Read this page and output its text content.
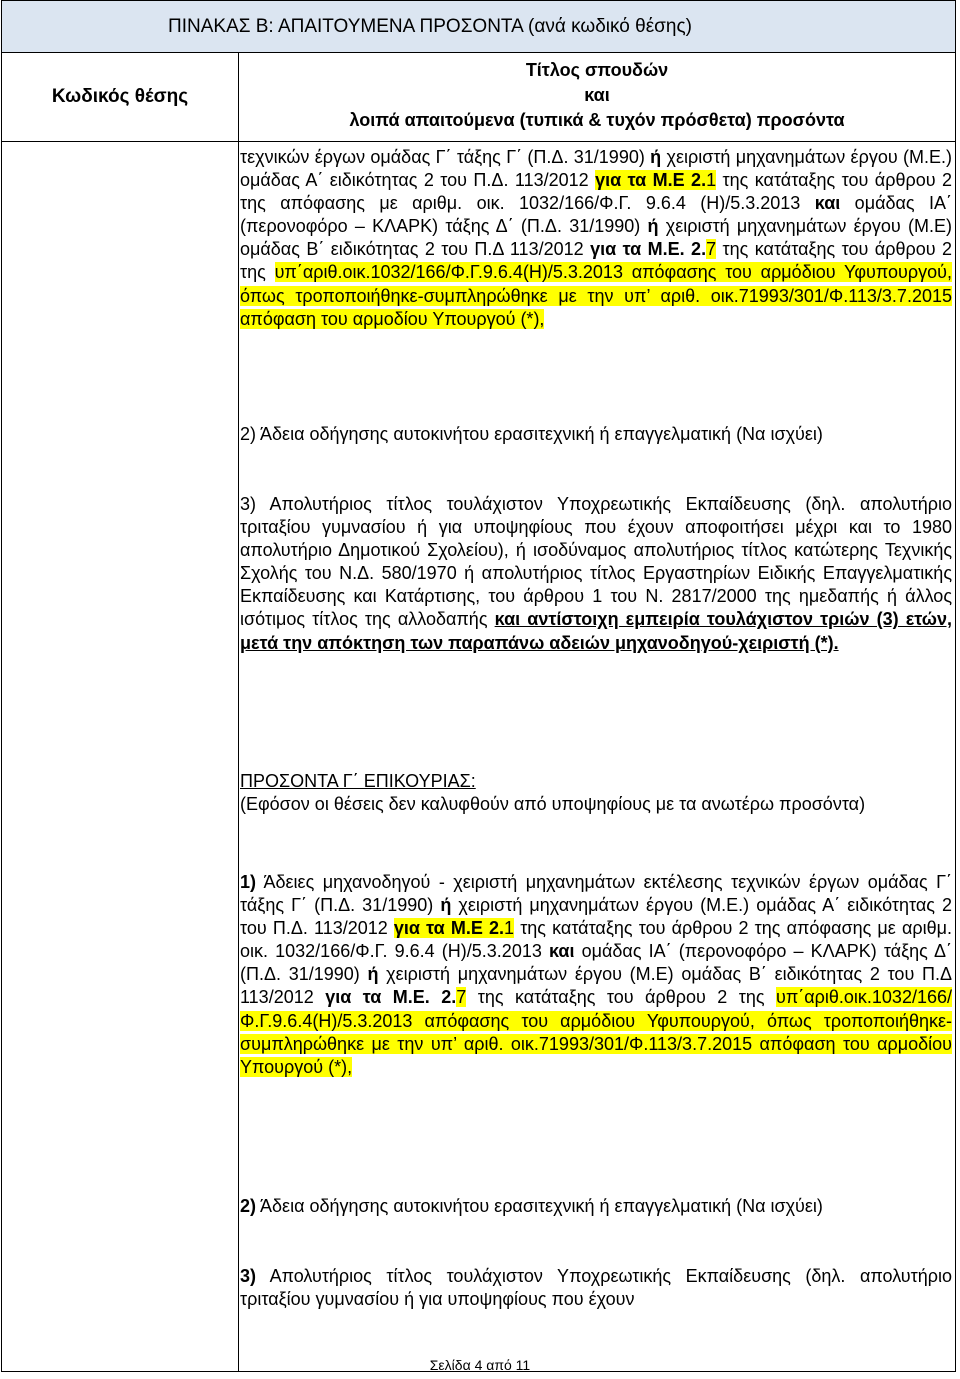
ΠΙΝΑΚΑΣ Β: ΑΠΑΙΤΟΥΜΕΝΑ ΠΡΟΣΟΝΤΑ (ανά κωδικό θέσης)
Κωδικός θέσης
Τίτλος σπουδών
και
λοιπά απαιτούμενα (τυπικά & τυχόν πρόσθετα) προσόντα
τεχνικών έργων ομάδας Γ΄ τάξης Γ΄ (Π.Δ. 31/1990) ή χειριστή μηχανημάτων έργου (Μ.Ε.) ομάδας Α΄ ειδικότητας 2 του Π.Δ. 113/2012 για τα Μ.Ε 2.1 της κατάταξης του άρθρου 2 της απόφασης με αριθμ. οικ. 1032/166/Φ.Γ. 9.6.4 (Η)/5.3.2013 και ομάδας ΙΑ΄ (περονοφόρο – ΚΛΑΡΚ) τάξης Δ΄ (Π.Δ. 31/1990) ή χειριστή μηχανημάτων έργου (Μ.Ε) ομάδας Β΄ ειδικότητας 2 του Π.Δ 113/2012 για τα Μ.Ε. 2.7 της κατάταξης του άρθρου 2 της υπ΄αριθ.οικ.1032/166/Φ.Γ.9.6.4(Η)/5.3.2013 απόφασης του αρμόδιου Υφυπουργού, όπως τροποποιήθηκε-συμπληρώθηκε με την υπ’ αριθ. οικ.71993/301/Φ.113/3.7.2015 απόφαση του αρμοδίου Υπουργού (*),
2) Άδεια οδήγησης αυτοκινήτου ερασιτεχνική ή επαγγελματική (Να ισχύει)
3) Απολυτήριος τίτλος τουλάχιστον Υποχρεωτικής Εκπαίδευσης (δηλ. απολυτήριο τριταξίου γυμνασίου ή για υποψηφίους που έχουν αποφοιτήσει μέχρι και το 1980 απολυτήριο Δημοτικού Σχολείου), ή ισοδύναμος απολυτήριος τίτλος κατώτερης Τεχνικής Σχολής του Ν.Δ. 580/1970 ή απολυτήριος τίτλος Εργαστηρίων Ειδικής Επαγγελματικής Εκπαίδευσης και Κατάρτισης, του άρθρου 1 του Ν. 2817/2000 της ημεδαπής ή άλλος ισότιμος τίτλος της αλλοδαπής και αντίστοιχη εμπειρία τουλάχιστον τριών (3) ετών, μετά την απόκτηση των παραπάνω αδειών μηχανοδηγού-χειριστή (*).
ΠΡΟΣΟΝΤΑ Γ΄ ΕΠΙΚΟΥΡΙΑΣ:
(Εφόσον οι θέσεις δεν καλυφθούν από υποψηφίους με τα ανωτέρω προσόντα)
1) Άδειες μηχανοδηγού - χειριστή μηχανημάτων εκτέλεσης τεχνικών έργων ομάδας Γ΄ τάξης Γ΄ (Π.Δ. 31/1990) ή χειριστή μηχανημάτων έργου (Μ.Ε.) ομάδας Α΄ ειδικότητας 2 του Π.Δ. 113/2012 για τα Μ.Ε 2.1 της κατάταξης του άρθρου 2 της απόφασης με αριθμ. οικ. 1032/166/Φ.Γ. 9.6.4 (Η)/5.3.2013 και ομάδας ΙΑ΄ (περονοφόρο – ΚΛΑΡΚ) τάξης Δ΄ (Π.Δ. 31/1990) ή χειριστή μηχανημάτων έργου (Μ.Ε) ομάδας Β΄ ειδικότητας 2 του Π.Δ 113/2012 για τα Μ.Ε. 2.7 της κατάταξης του άρθρου 2 της υπ΄αριθ.οικ.1032/166/Φ.Γ.9.6.4(Η)/5.3.2013 απόφασης του αρμόδιου Υφυπουργού, όπως τροποποιήθηκε-συμπληρώθηκε με την υπ’ αριθ. οικ.71993/301/Φ.113/3.7.2015 απόφαση του αρμοδίου Υπουργού (*),
2) Άδεια οδήγησης αυτοκινήτου ερασιτεχνική ή επαγγελματική (Να ισχύει)
3) Απολυτήριος τίτλος τουλάχιστον Υποχρεωτικής Εκπαίδευσης (δηλ. απολυτήριο τριταξίου γυμνασίου ή για υποψηφίους που έχουν
Σελίδα 4 από 11
